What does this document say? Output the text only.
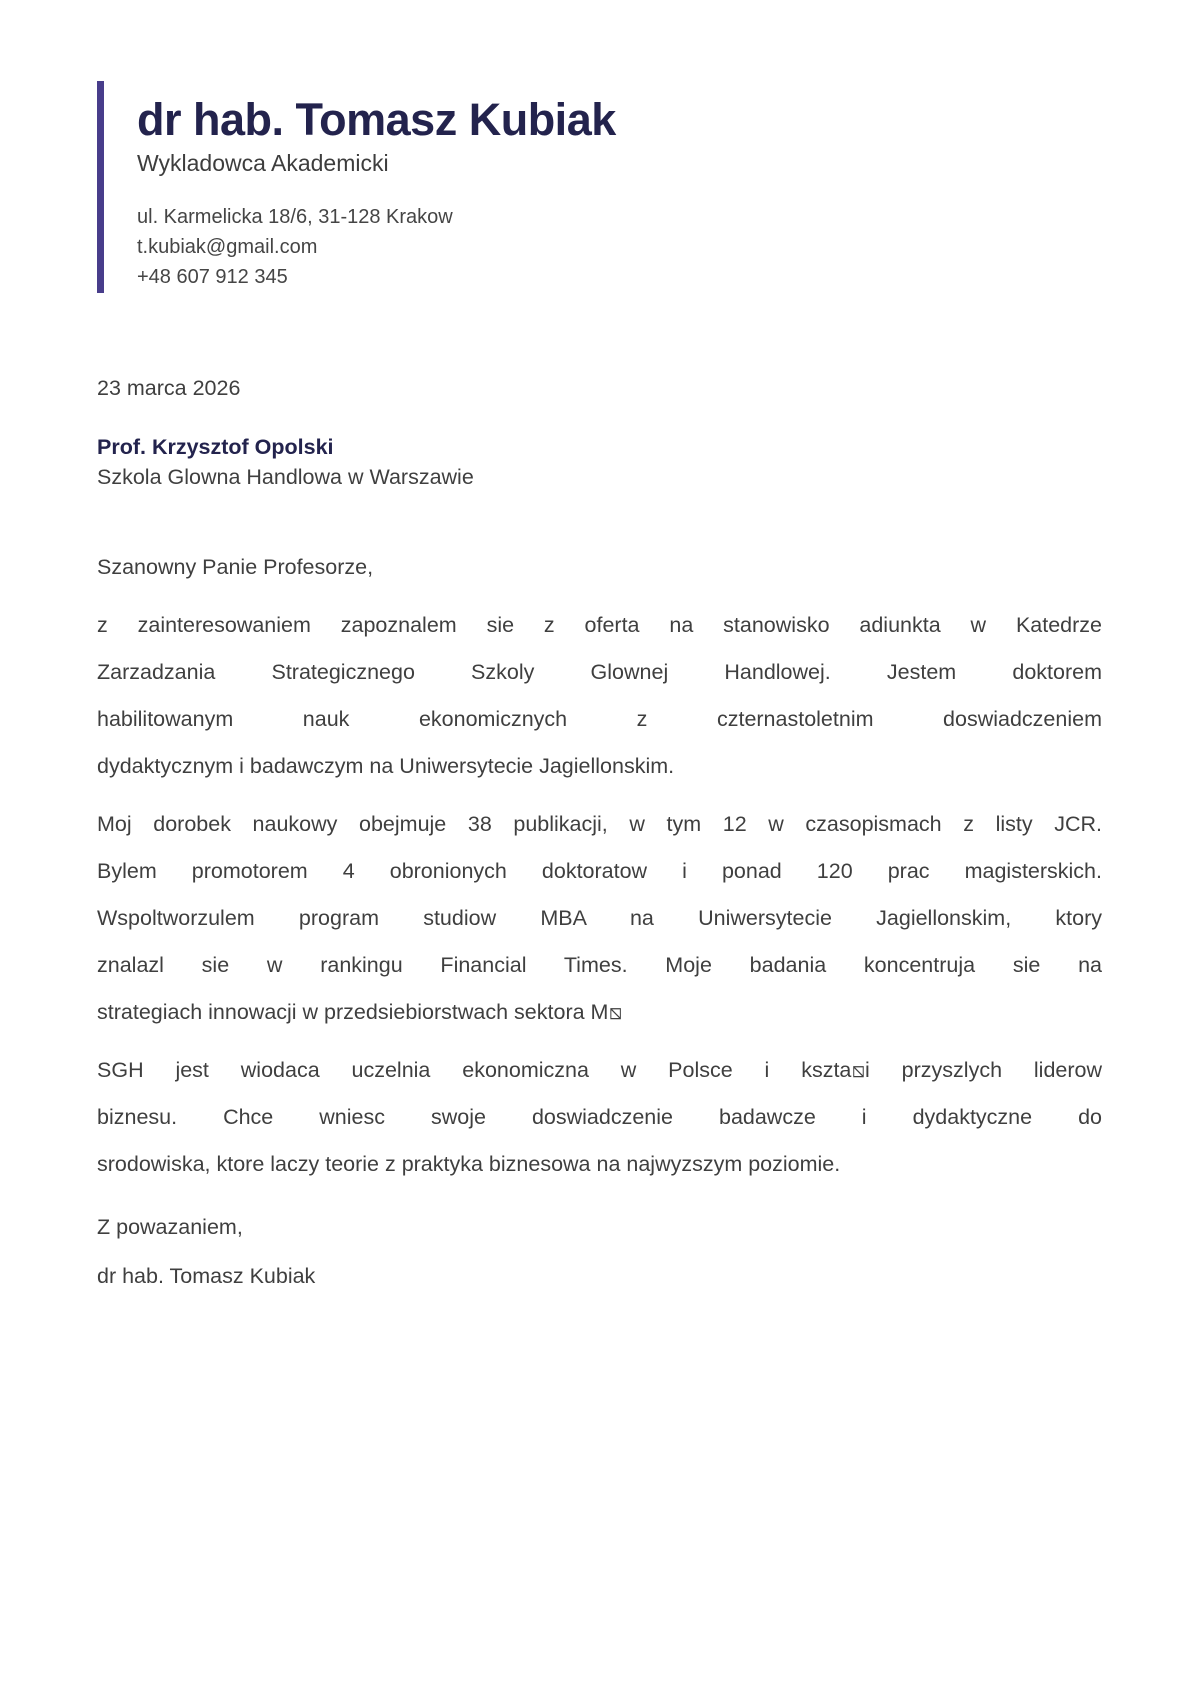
dr hab. Tomasz Kubiak
Wykladowca Akademicki
ul. Karmelicka 18/6, 31-128 Krakow
t.kubiak@gmail.com
+48 607 912 345
23 marca 2026
Prof. Krzysztof Opolski
Szkola Glowna Handlowa w Warszawie
Szanowny Panie Profesorze,
z zainteresowaniem zapoznalem sie z oferta na stanowisko adiunkta w Katedrze
Zarzadzania Strategicznego Szkoly Glownej Handlowej. Jestem doktorem
habilitowanym nauk ekonomicznych z czternastoletnim doswiadczeniem
dydaktycznym i badawczym na Uniwersytecie Jagiellonskim.
Moj dorobek naukowy obejmuje 38 publikacji, w tym 12 w czasopismach z listy JCR.
Bylem promotorem 4 obronionych doktoratow i ponad 120 prac magisterskich.
Wspoltworzulem program studiow MBA na Uniwersytecie Jagiellonskim, ktory
znalazl sie w rankingu Financial Times. Moje badania koncentruja sie na
strategiach innowacji w przedsiebiorstwach sektora M⧅
SGH jest wiodaca uczelnia ekonomiczna w Polsce i kszta⧅i przyszlych liderow
biznesu. Chce wniesc swoje doswiadczenie badawcze i dydaktyczne do
srodowiska, ktore laczy teorie z praktyka biznesowa na najwyzszym poziomie.
Z powazaniem,
dr hab. Tomasz Kubiak
